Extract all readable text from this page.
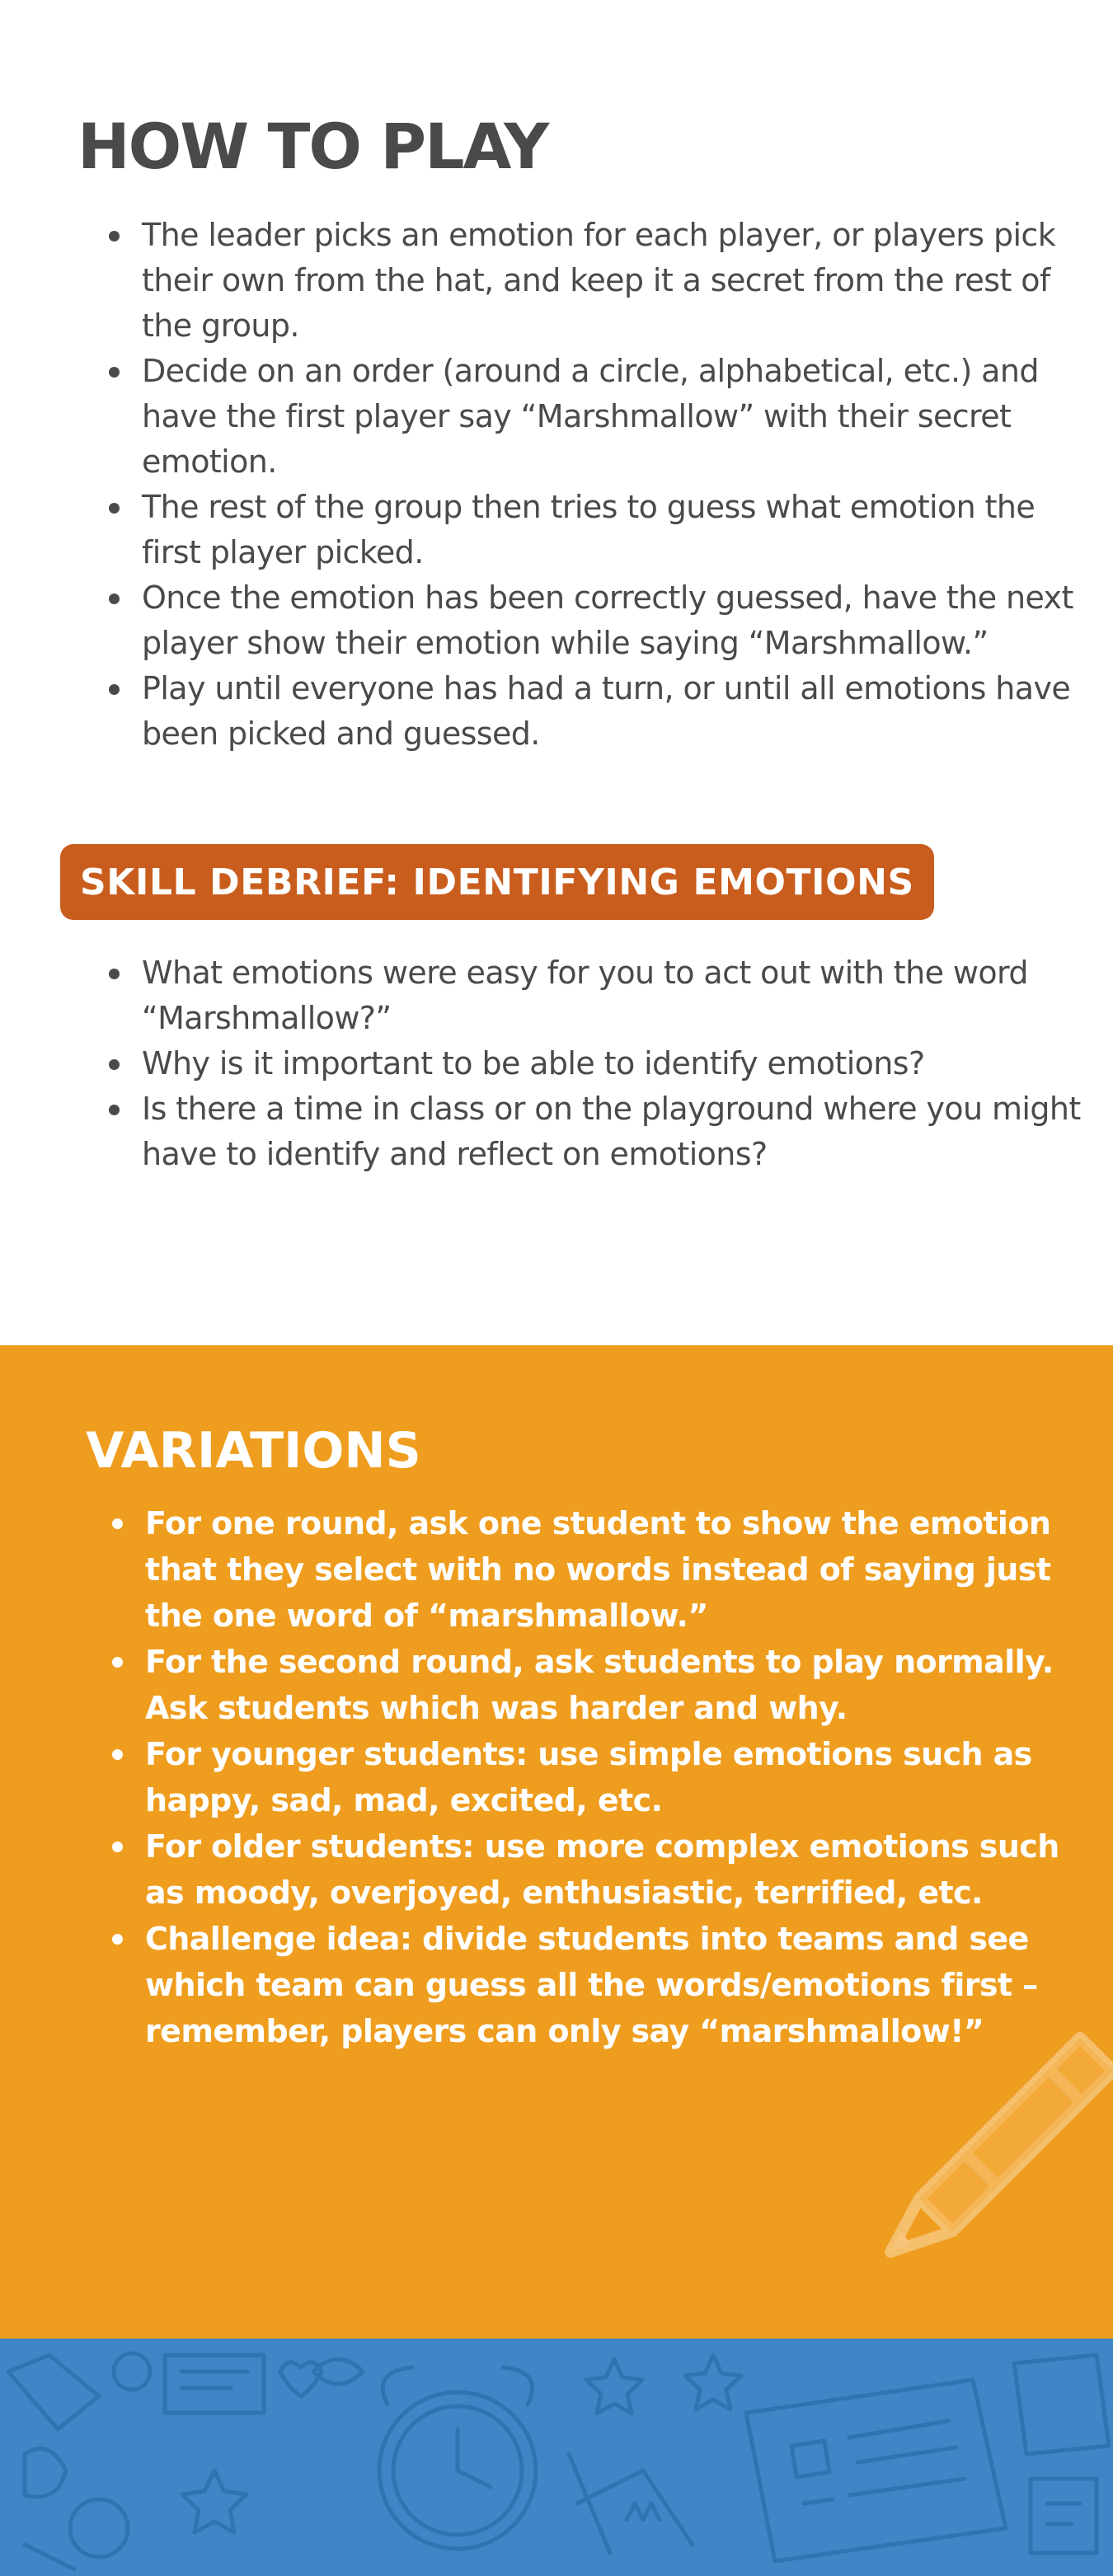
HOW TO PLAY
The leader picks an emotion for each player, or players pick their own from the hat, and keep it a secret from the rest of the group.
Decide on an order (around a circle, alphabetical, etc.) and have the first player say “Marshmallow” with their secret emotion.
The rest of the group then tries to guess what emotion the first player picked.
Once the emotion has been correctly guessed, have the next player show their emotion while saying “Marshmallow.”
Play until everyone has had a turn, or until all emotions have been picked and guessed.
SKILL DEBRIEF: IDENTIFYING EMOTIONS
What emotions were easy for you to act out with the word “Marshmallow?”
Why is it important to be able to identify emotions?
Is there a time in class or on the playground where you might have to identify and reflect on emotions?
VARIATIONS
For one round, ask one student to show the emotion that they select with no words instead of saying just the one word of “marshmallow.”
For the second round, ask students to play normally. Ask students which was harder and why.
For younger students: use simple emotions such as happy, sad, mad, excited, etc.
For older students: use more complex emotions such as moody, overjoyed, enthusiastic, terrified, etc.
Challenge idea: divide students into teams and see which team can guess all the words/emotions first – remember, players can only say “marshmallow!”
